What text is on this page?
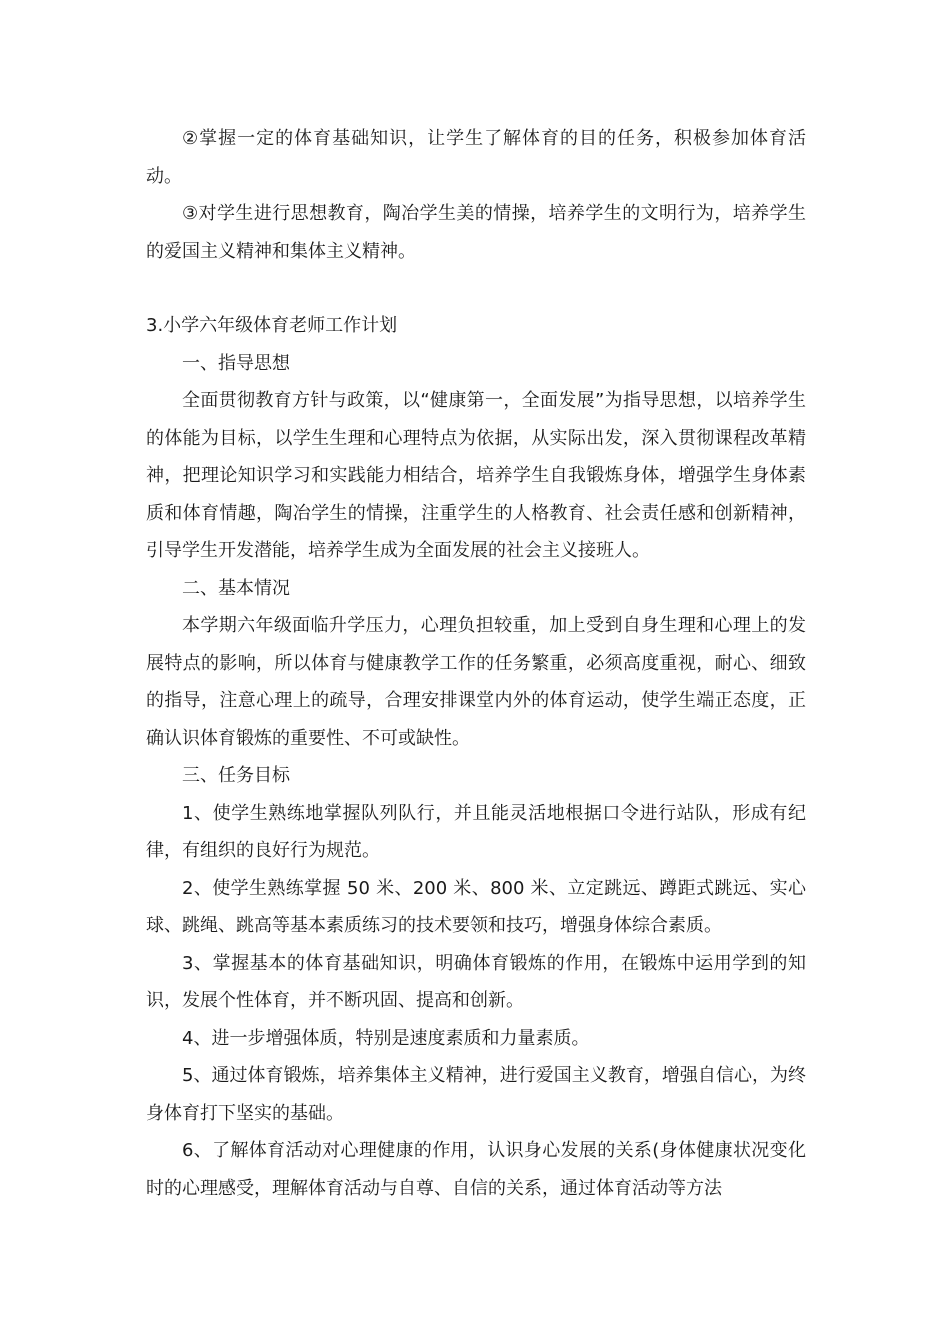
②掌握一定的体育基础知识，让学生了解体育的目的任务，积极参加体育活动。

③对学生进行思想教育，陶冶学生美的情操，培养学生的文明行为，培养学生的爱国主义精神和集体主义精神。

3.小学六年级体育老师工作计划

一、指导思想

全面贯彻教育方针与政策，以“健康第一，全面发展”为指导思想，以培养学生的体能为目标，以学生生理和心理特点为依据，从实际出发，深入贯彻课程改革精神，把理论知识学习和实践能力相结合，培养学生自我锻炼身体，增强学生身体素质和体育情趣，陶冶学生的情操，注重学生的人格教育、社会责任感和创新精神，引导学生开发潜能，培养学生成为全面发展的社会主义接班人。

二、基本情况

本学期六年级面临升学压力，心理负担较重，加上受到自身生理和心理上的发展特点的影响，所以体育与健康教学工作的任务繁重，必须高度重视，耐心、细致的指导，注意心理上的疏导，合理安排课堂内外的体育运动，使学生端正态度，正确认识体育锻炼的重要性、不可或缺性。

三、任务目标

1、使学生熟练地掌握队列队行，并且能灵活地根据口令进行站队，形成有纪律，有组织的良好行为规范。

2、使学生熟练掌握 50 米、200 米、800 米、立定跳远、蹲距式跳远、实心球、跳绳、跳高等基本素质练习的技术要领和技巧，增强身体综合素质。

3、掌握基本的体育基础知识，明确体育锻炼的作用，在锻炼中运用学到的知识，发展个性体育，并不断巩固、提高和创新。

4、进一步增强体质，特别是速度素质和力量素质。

5、通过体育锻炼，培养集体主义精神，进行爱国主义教育，增强自信心，为终身体育打下坚实的基础。

6、了解体育活动对心理健康的作用，认识身心发展的关系(身体健康状况变化时的心理感受，理解体育活动与自尊、自信的关系，通过体育活动等方法
